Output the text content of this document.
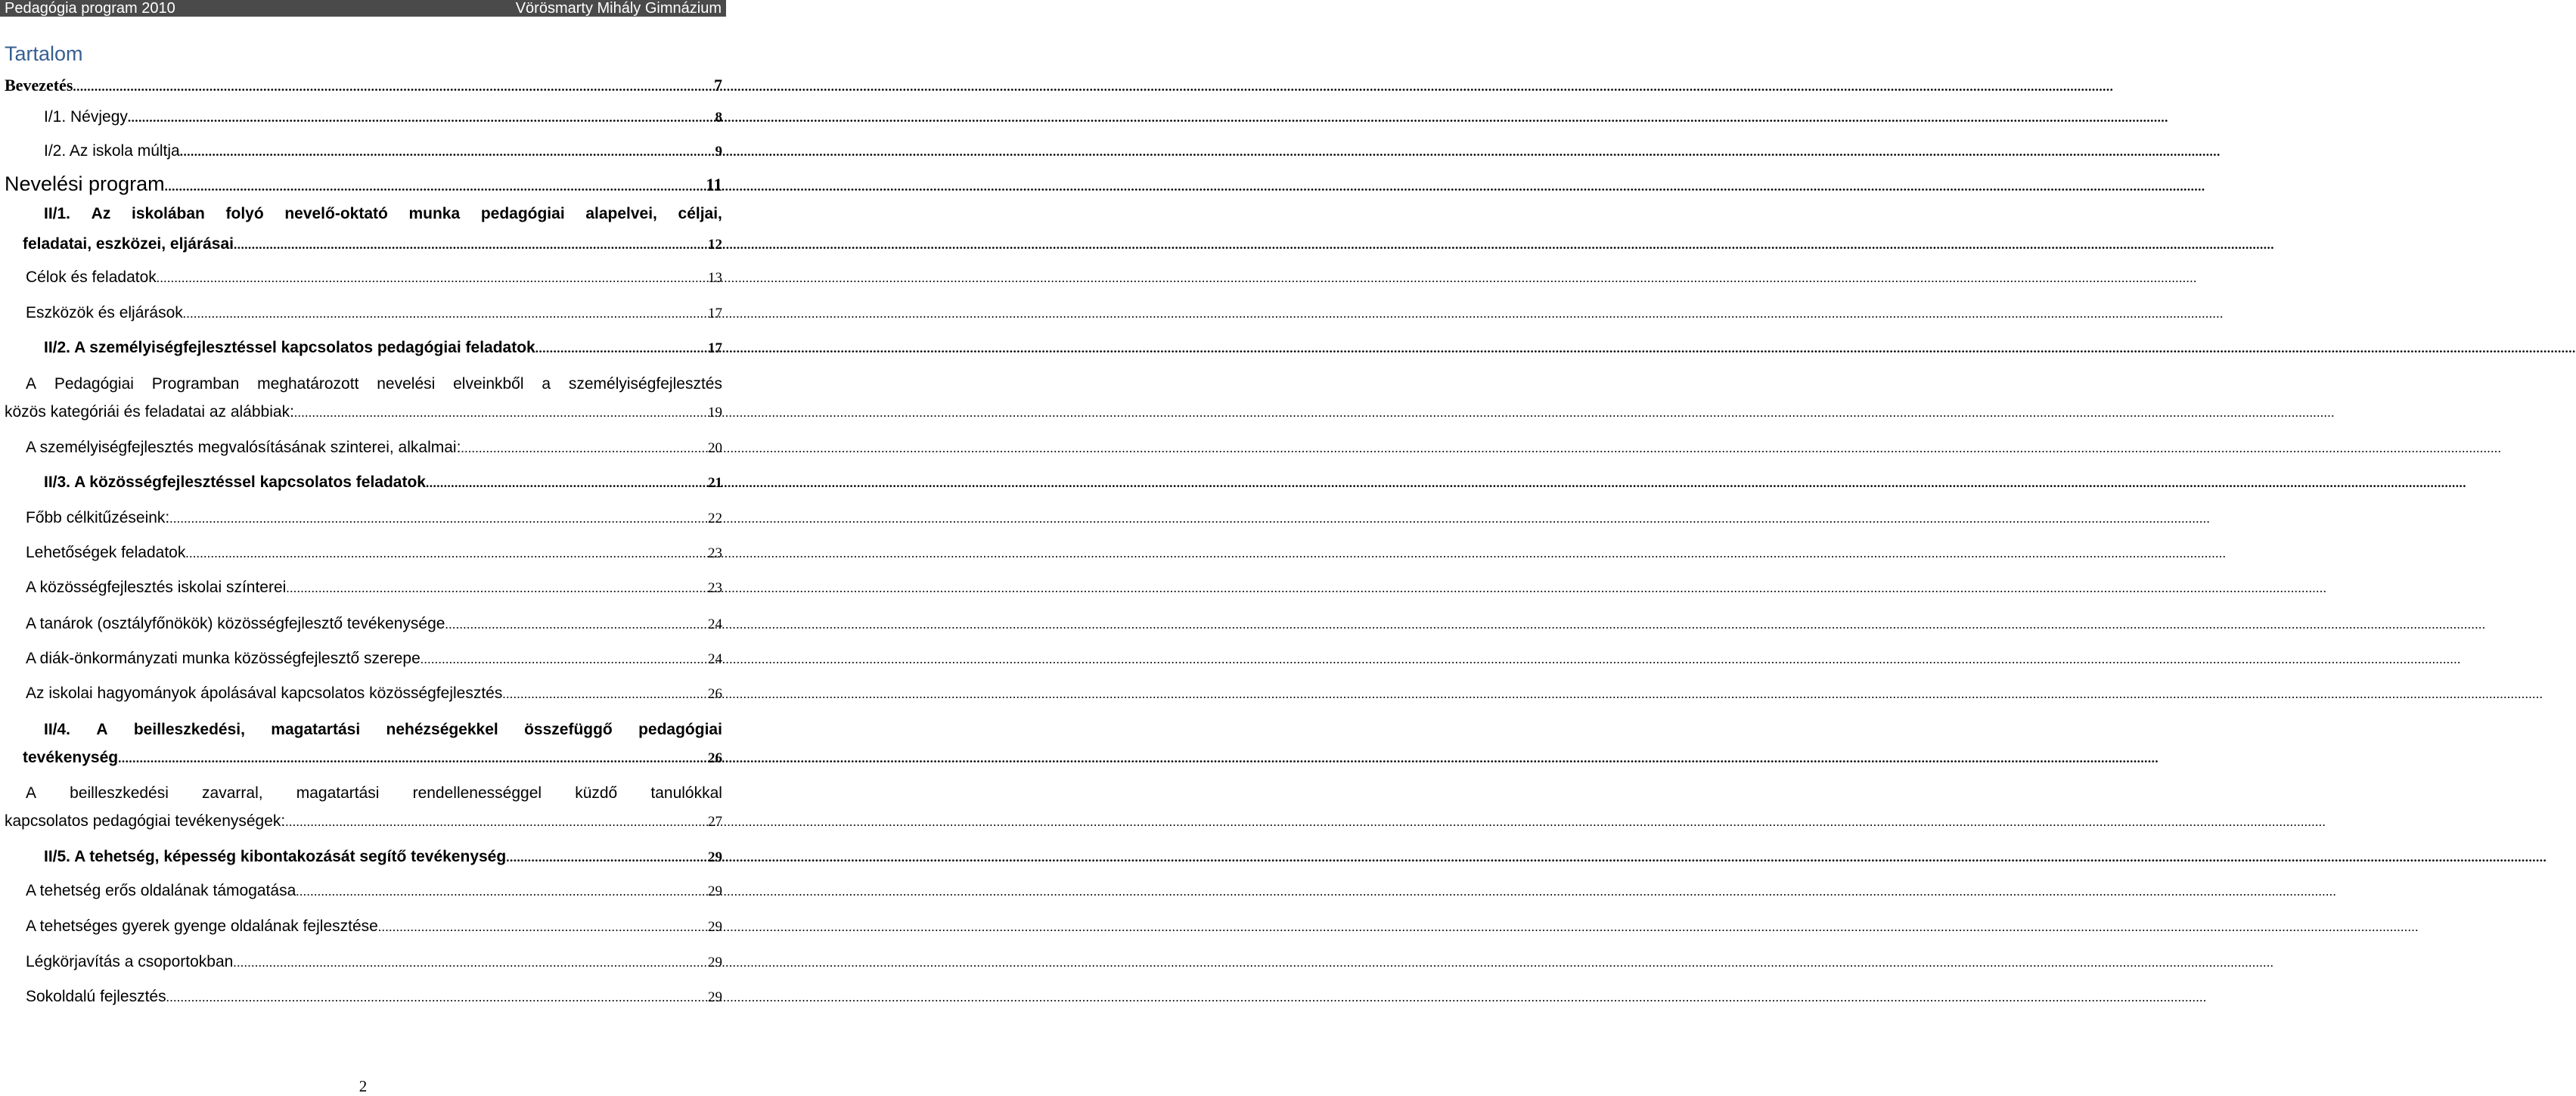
Pedagógia program 2010	Vörösmarty Mihály Gimnázium
Tartalom
Bevezetés .....	7
I/1. Névjegy .....	8
I/2. Az iskola múltja .....	9
Nevelési program .....	11
II/1. Az iskolában folyó nevelő-oktató munka pedagógiai alapelvei, céljai,
feladatai, eszközei, eljárásai .....	12
Célok és feladatok .....	13
Eszközök és eljárások .....	17
II/2. A személyiségfejlesztéssel kapcsolatos pedagógiai feladatok .....	17
A Pedagógiai Programban meghatározott nevelési elveinkből a személyiségfejlesztés
közös kategóriái és feladatai az alábbiak: .....	19
A személyiségfejlesztés megvalósításának szinterei, alkalmai: .....	20
II/3. A közösségfejlesztéssel kapcsolatos feladatok .....	21
Főbb célkitűzéseink: .....	22
Lehetőségek feladatok .....	23
A közösségfejlesztés iskolai színterei .....	23
A tanárok (osztályfőnökök) közösségfejlesztő tevékenysége .....	24
A diák-önkormányzati munka közösségfejlesztő szerepe .....	24
Az iskolai hagyományok ápolásával kapcsolatos közösségfejlesztés .....	26
II/4. A beilleszkedési, magatartási nehézségekkel összefüggő pedagógiai
tevékenység .....	26
A beilleszkedési zavarral, magatartási rendellenességgel küzdő tanulókkal
kapcsolatos pedagógiai tevékenységek: .....	27
II/5. A tehetség, képesség kibontakozását segítő tevékenység .....	29
A tehetség erős oldalának támogatása .....	29
A tehetséges gyerek gyenge oldalának fejlesztése .....	29
Légkörjavítás a csoportokban .....	29
Sokoldalú fejlesztés .....	29
2
